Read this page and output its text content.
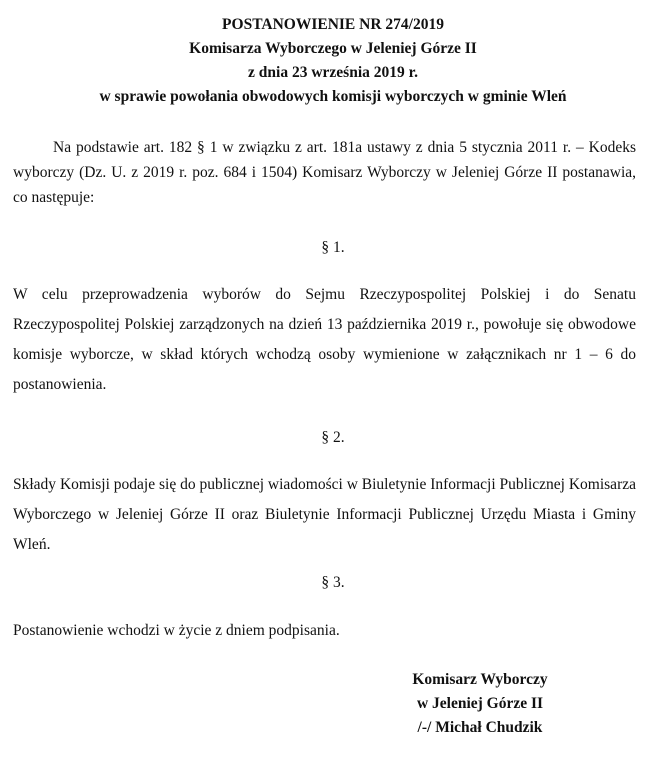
POSTANOWIENIE NR 274/2019
Komisarza Wyborczego w Jeleniej Górze II
z dnia 23 września 2019 r.
w sprawie powołania obwodowych komisji wyborczych w gminie Wleń
Na podstawie art. 182 § 1 w związku z art. 181a ustawy z dnia 5 stycznia 2011 r. – Kodeks wyborczy (Dz. U. z 2019 r. poz. 684 i 1504) Komisarz Wyborczy w Jeleniej Górze II postanawia, co następuje:
§ 1.
W celu przeprowadzenia wyborów do Sejmu Rzeczypospolitej Polskiej i do Senatu Rzeczypospolitej Polskiej zarządzonych na dzień 13 października 2019 r., powołuje się obwodowe komisje wyborcze, w skład których wchodzą osoby wymienione w załącznikach nr 1 – 6 do postanowienia.
§ 2.
Składy Komisji podaje się do publicznej wiadomości w Biuletynie Informacji Publicznej Komisarza Wyborczego w Jeleniej Górze II oraz Biuletynie Informacji Publicznej Urzędu Miasta i Gminy Wleń.
§ 3.
Postanowienie wchodzi w życie z dniem podpisania.
Komisarz Wyborczy
w Jeleniej Górze II
/-/ Michał Chudzik
